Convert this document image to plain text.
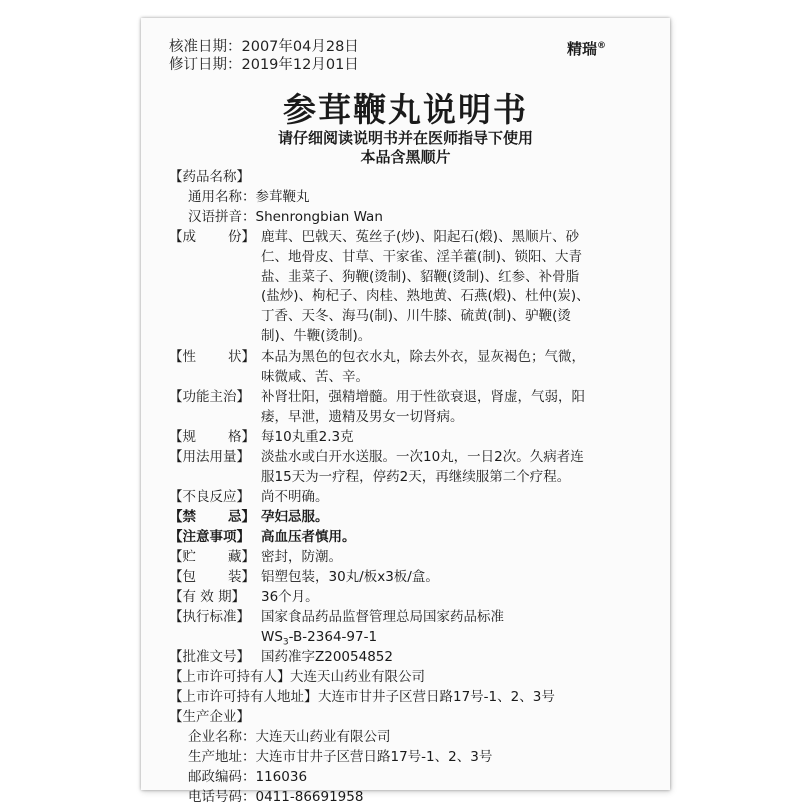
核准日期：2007年04月28日
修订日期：2019年12月01日
精瑞®
参茸鞭丸说明书
请仔细阅读说明书并在医师指导下使用
本品含黑顺片
【药品名称】
通用名称：参茸鞭丸
汉语拼音：Shenrongbian Wan
【成 份】 鹿茸、巴戟天、菟丝子(炒)、阳起石(煅)、黑顺片、砂
仁、地骨皮、甘草、干家雀、淫羊藿(制)、锁阳、大青
盐、韭菜子、狗鞭(烫制)、貂鞭(烫制)、红参、补骨脂
(盐炒)、枸杞子、肉桂、熟地黄、石燕(煅)、杜仲(炭)、
丁香、天冬、海马(制)、川牛膝、硫黄(制)、驴鞭(烫
制)、牛鞭(烫制)。
【性 状】 本品为黑色的包衣水丸，除去外衣，显灰褐色；气微，
味微咸、苦、辛。
【功能主治】 补肾壮阳，强精增髓。用于性欲衰退，肾虚，气弱，阳
痿，早泄，遗精及男女一切肾病。
【规 格】 每10丸重2.3克
【用法用量】 淡盐水或白开水送服。一次10丸，一日2次。久病者连
服15天为一疗程，停药2天，再继续服第二个疗程。
【不良反应】 尚不明确。
【禁 忌】 孕妇忌服。
【注意事项】 高血压者慎用。
【贮 藏】 密封，防潮。
【包 装】 铝塑包装，30丸/板x3板/盒。
【有 效 期】 36个月。
【执行标准】 国家食品药品监督管理总局国家药品标准
$WS_3-B-2364-97-1$
【批准文号】 国药准字Z20054852
【上市许可持有人】 大连天山药业有限公司
【上市许可持有人地址】 大连市甘井子区营日路17号-1、2、3号
【生产企业】
企业名称：大连天山药业有限公司
生产地址：大连市甘井子区营日路17号-1、2、3号
邮政编码：116036
电话号码：0411-86691958
